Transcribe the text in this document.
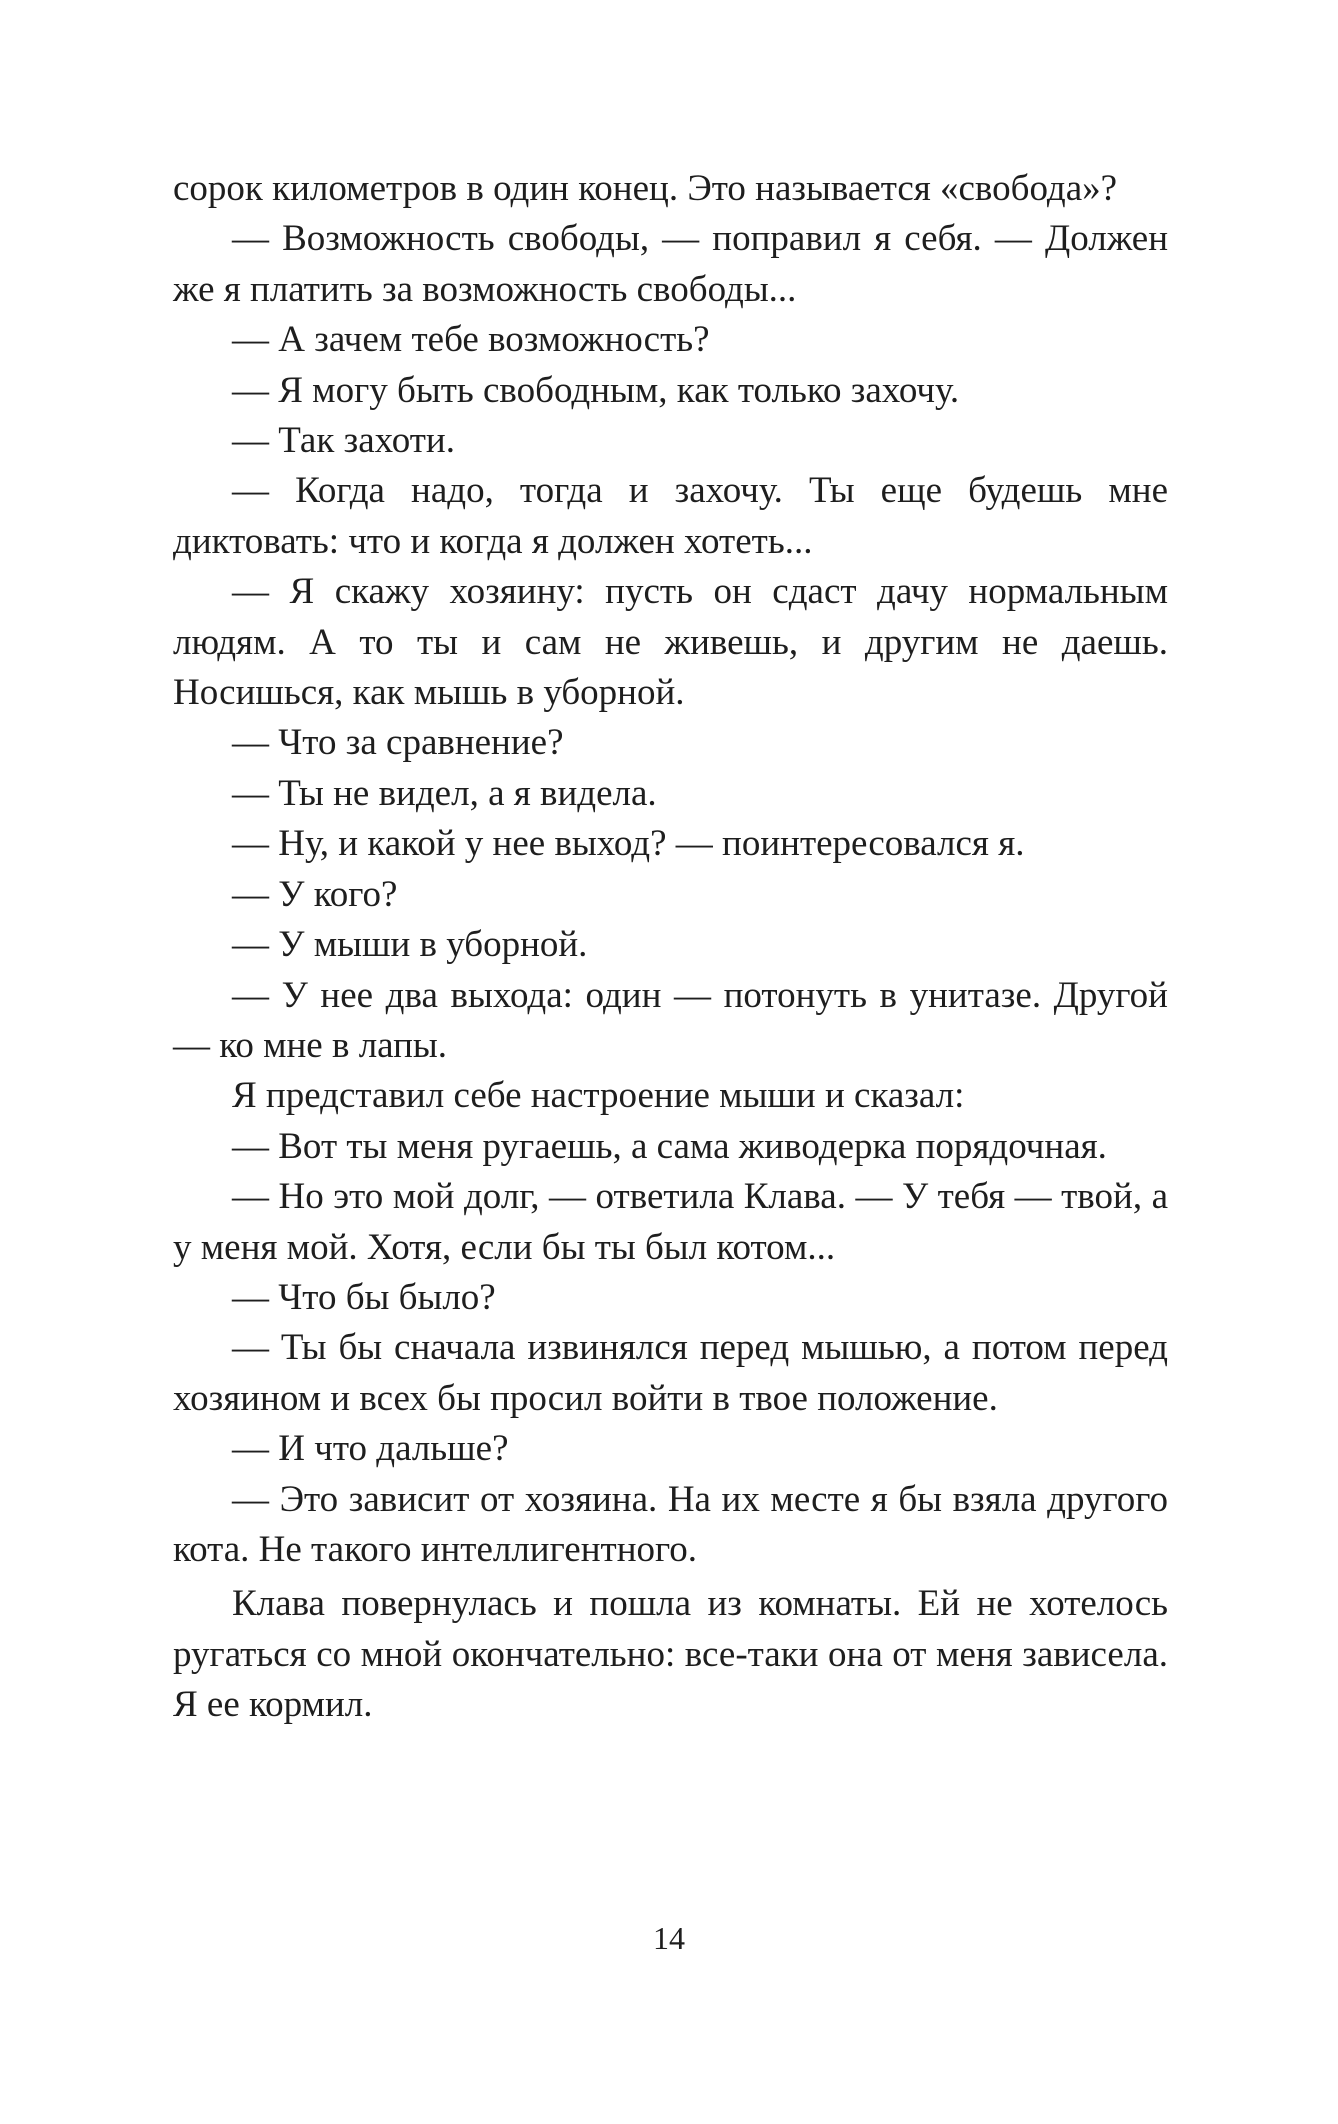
сорок километров в один конец. Это называется «свобода»?

— Возможность свободы, — поправил я себя. — Должен же я платить за возможность свободы...

— А зачем тебе возможность?

— Я могу быть свободным, как только захочу.

— Так захоти.

— Когда надо, тогда и захочу. Ты еще будешь мне диктовать: что и когда я должен хотеть...

— Я скажу хозяину: пусть он сдаст дачу нормальным людям. А то ты и сам не живешь, и другим не даешь. Носишься, как мышь в уборной.

— Что за сравнение?

— Ты не видел, а я видела.

— Ну, и какой у нее выход? — поинтересовался я.

— У кого?

— У мыши в уборной.

— У нее два выхода: один — потонуть в унитазе. Другой — ко мне в лапы.

Я представил себе настроение мыши и сказал:

— Вот ты меня ругаешь, а сама живодерка порядочная.

— Но это мой долг, — ответила Клава. — У тебя — твой, а у меня мой. Хотя, если бы ты был котом...

— Что бы было?

— Ты бы сначала извинялся перед мышью, а потом перед хозяином и всех бы просил войти в твое положение.

— И что дальше?

— Это зависит от хозяина. На их месте я бы взяла другого кота. Не такого интеллигентного.

Клава повернулась и пошла из комнаты. Ей не хотелось ругаться со мной окончательно: все-таки она от меня зависела. Я ее кормил.

14
